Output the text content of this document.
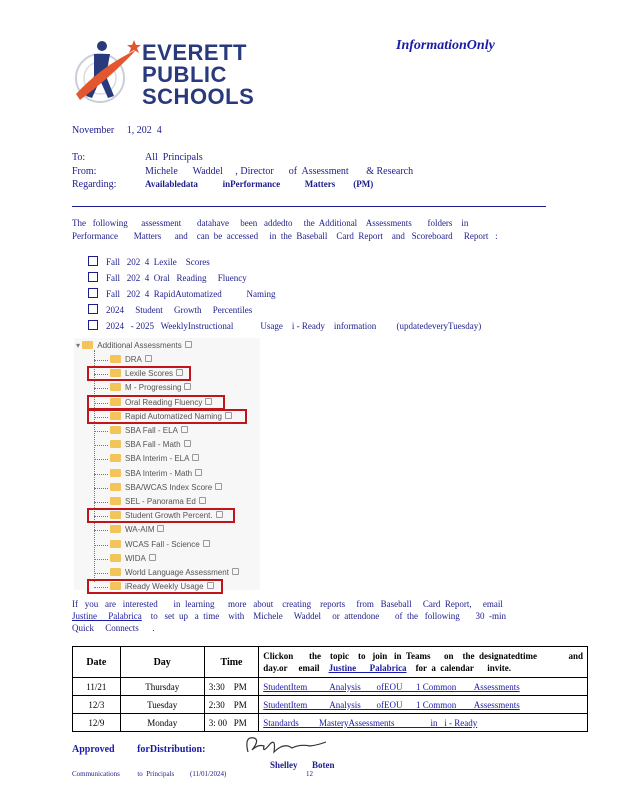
EVERETT
PUBLIC
SCHOOLS
InformationOnly
November     1, 202  4
To:	All  Principals
From:	Michele      Waddel     , Director      of  Assessment       & Research
Regarding:	Availabledata           inPerformance           Matters        (PM)
The   following      assessment       datahave     been   addedto     the  Additional    Assessments       folders    in
Performance       Matters      and    can  be  accessed     in  the  Baseball    Card  Report    and   Scoreboard     Report   :
Fall   202  4  Lexile    Scores
Fall   202  4  Oral   Reading     Fluency
Fall   202  4  RapidAutomatized           Naming
2024     Student     Growth     Percentiles
2024   - 2025   WeeklyInstructional            Usage    i - Ready    information         (updatedeveryTuesday)
▾ Additional Assessments
DRA
Lexile Scores
M - Progressing
Oral Reading Fluency
Rapid Automatized Naming
SBA Fall - ELA
SBA Fall - Math
SBA Interim - ELA
SBA Interim - Math
SBA/WCAS Index Score
SEL - Panorama Ed
Student Growth Percent.
WA-AIM
WCAS Fall - Science
WIDA
World Language Assessment
iReady Weekly Usage
If   you   are   interested       in  learning      more   about    creating    reports     from   Baseball     Card  Report,     email
Justine     Palabrica    to   set  up   a  time    with    Michele     Waddel     or  attendone       of  the   following       30  -min
Quick     Connects      .
Date	Day	Time	Clickon       the    topic    to   join   in  Teams      on    the  designatedtime              and
day.or     email    Justine      Palabrica    for  a  calendar      invite.

11/21	Thursday	3:30    PM	StudentItem          Analysis       ofEOU      1 Common        Assessments
12/3	Tuesday	2:30    PM	StudentItem          Analysis       ofEOU      1 Common        Assessments
12/9	Monday	3: 00   PM	Standards         MasteryAssessments                in   i - Ready
Approved         forDistribution:
Shelley Boten
Communications          to  Principals         (11/01/2024)	12
